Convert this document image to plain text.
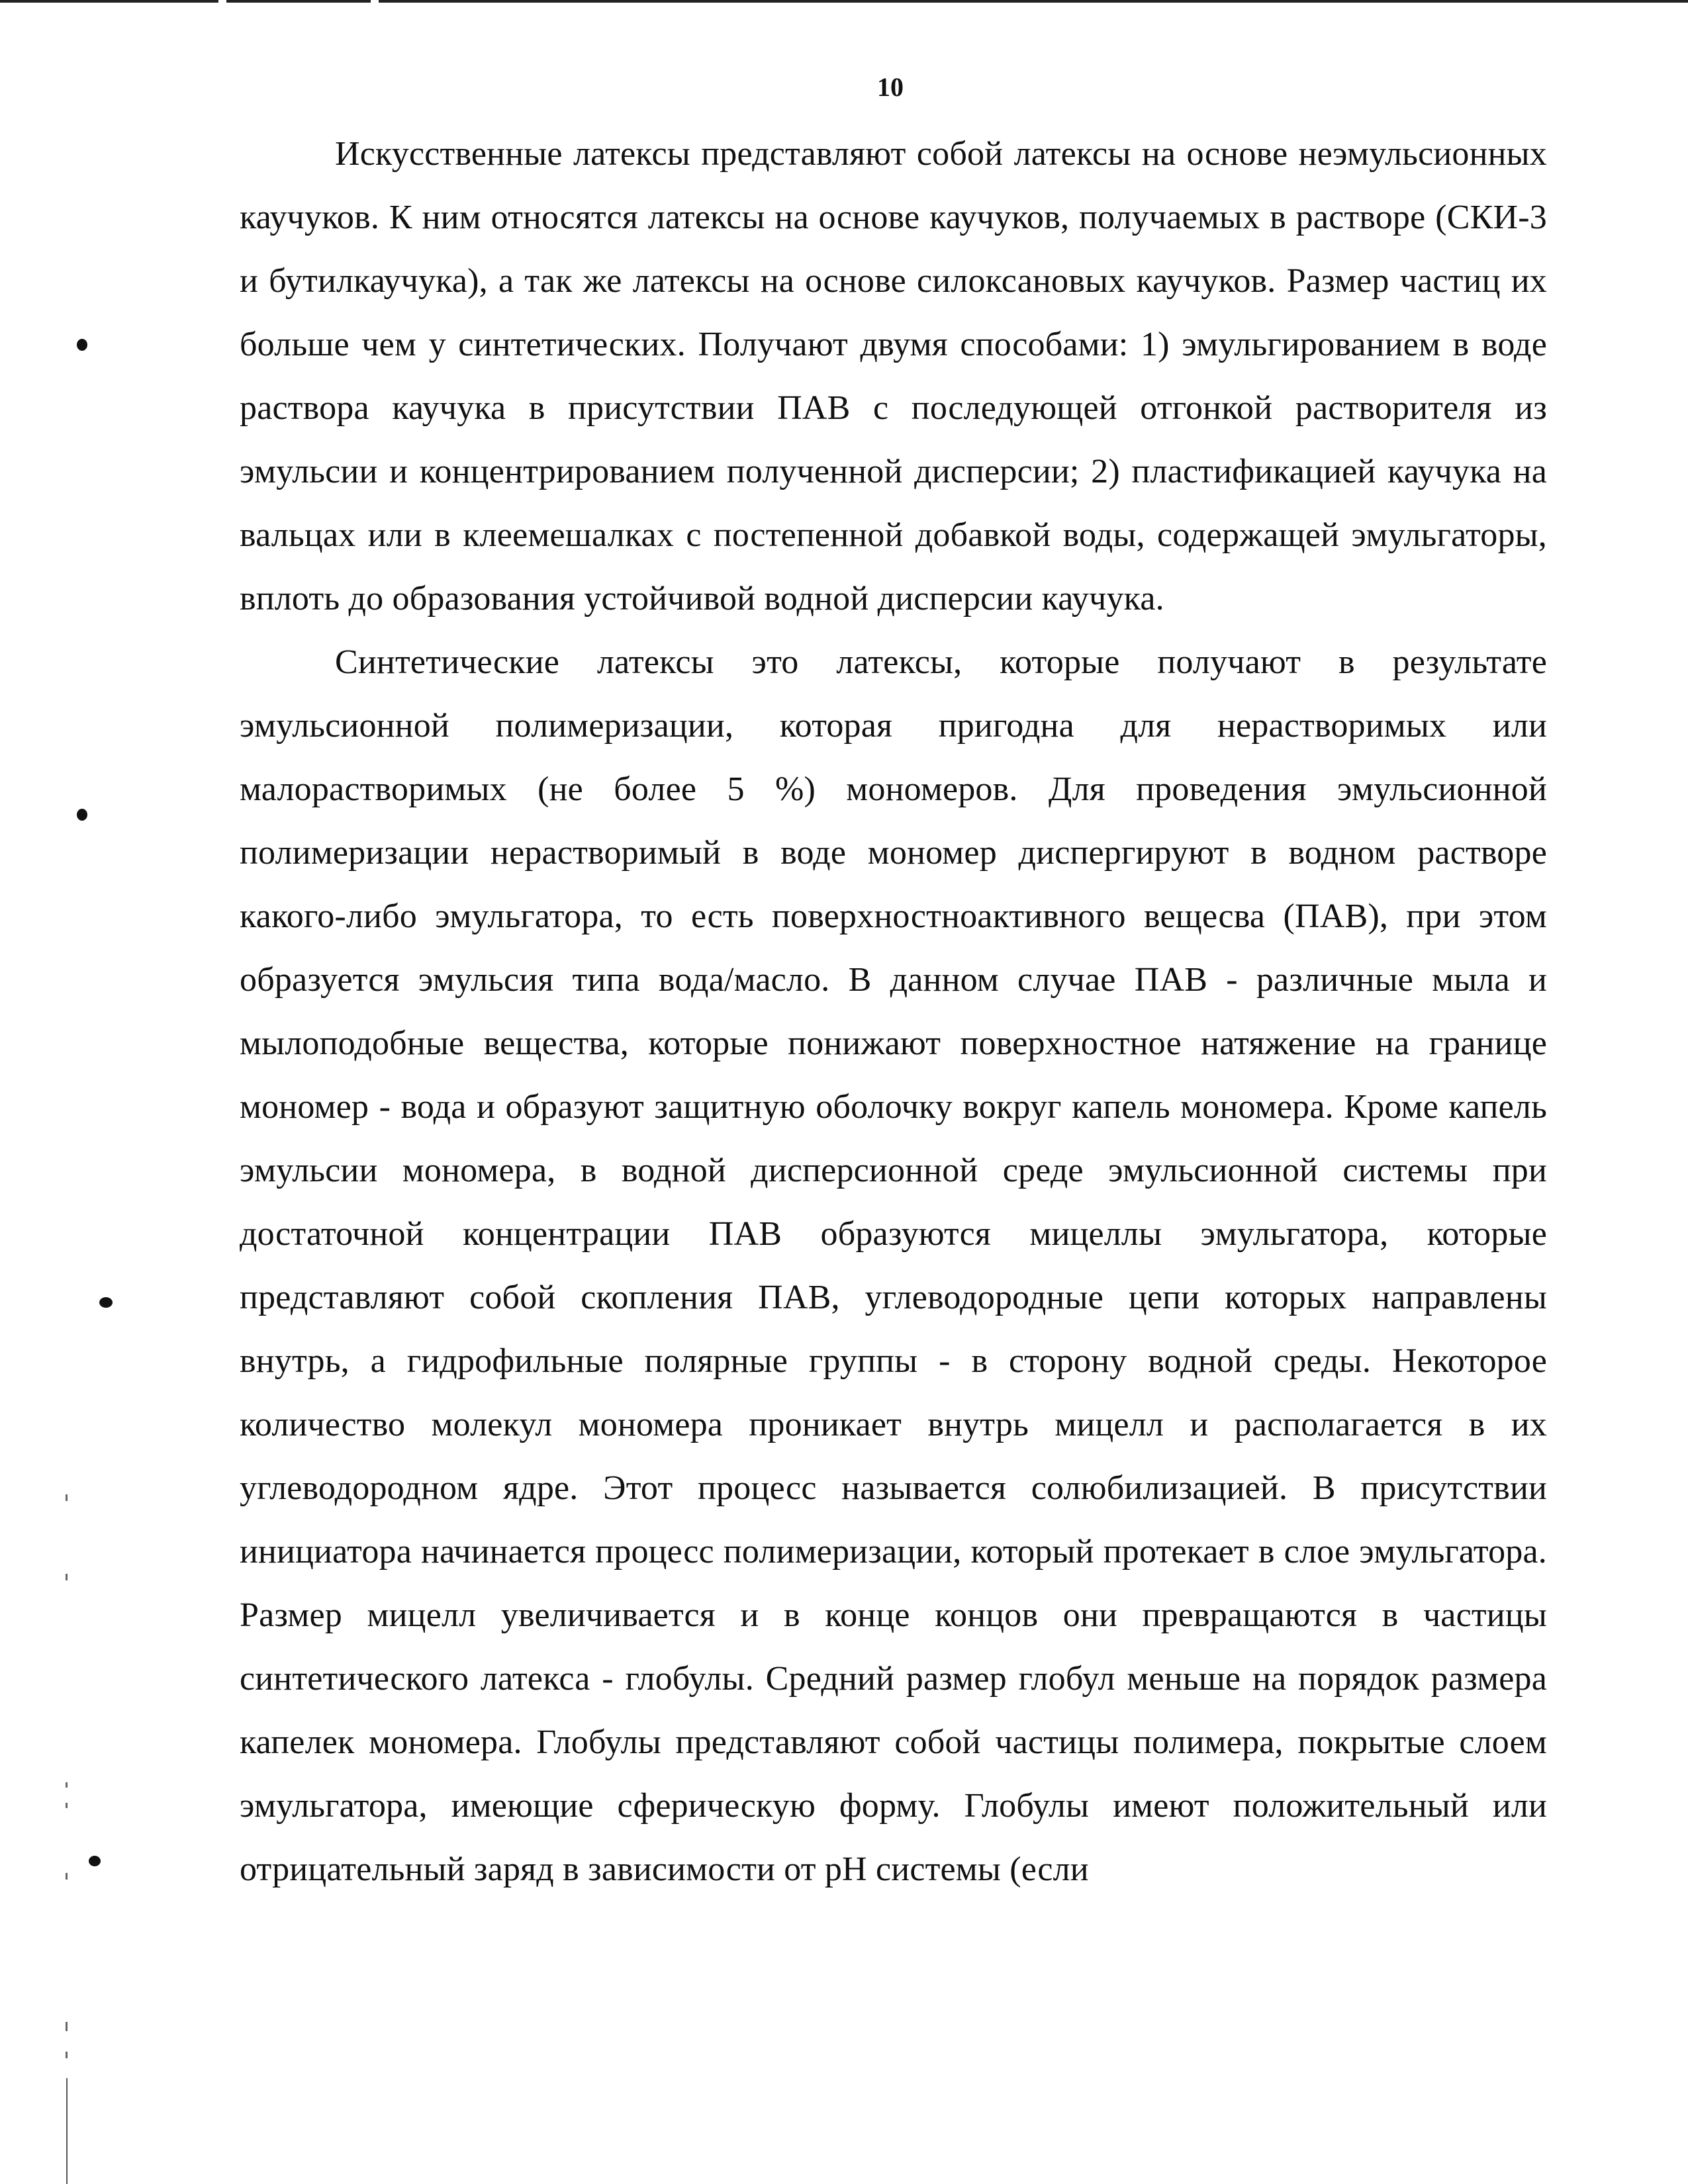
10

Искусственные латексы представляют собой латексы на основе неэмульсионных каучуков. К ним относятся латексы на основе каучуков, получаемых в растворе (СКИ-3 и бутилкаучука), а так же латексы на основе силоксановых каучуков. Размер частиц их больше чем у синтетических. Получают двумя способами: 1) эмульгированием в воде раствора каучука в присутствии ПАВ с последующей отгонкой растворителя из эмульсии и концентрированием полученной дисперсии; 2) пластификацией каучука на вальцах или в клеемешалках с постепенной добавкой воды, содержащей эмульгаторы, вплоть до образования устойчивой водной дисперсии каучука.

Синтетические латексы это латексы, которые получают в результате эмульсионной полимеризации, которая пригодна для нерастворимых или малорастворимых (не более 5 %) мономеров. Для проведения эмульсионной полимеризации нерастворимый в воде мономер диспергируют в водном растворе какого-либо эмульгатора, то есть поверхностноактивного вещесва (ПАВ), при этом образуется эмульсия типа вода/масло. В данном случае ПАВ - различные мыла и мылоподобные вещества, которые понижают поверхностное натяжение на границе мономер - вода и образуют защитную оболочку вокруг капель мономера. Кроме капель эмульсии мономера, в водной дисперсионной среде эмульсионной системы при достаточной концентрации ПАВ образуются мицеллы эмульгатора, которые представляют собой скопления ПАВ, углеводородные цепи которых направлены внутрь, а гидрофильные полярные группы - в сторону водной среды. Некоторое количество молекул мономера проникает внутрь мицелл и располагается в их углеводородном ядре. Этот процесс называется солюбилизацией. В присутствии инициатора начинается процесс полимеризации, который протекает в слое эмульгатора. Размер мицелл увеличивается и в конце концов они превращаются в частицы синтетического латекса - глобулы. Средний размер глобул меньше на порядок размера капелек мономера. Глобулы представляют собой частицы полимера, покрытые слоем эмульгатора, имеющие сферическую форму. Глобулы имеют положительный или отрицательный заряд в зависимости от pH системы (если
